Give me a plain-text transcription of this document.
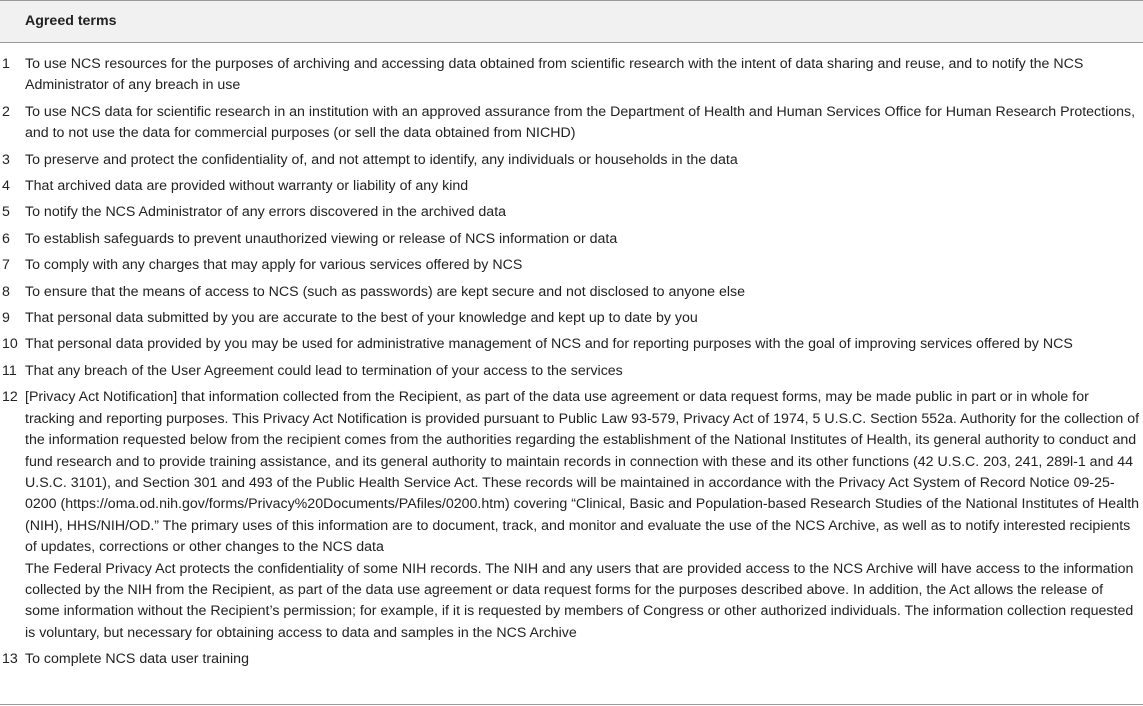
Agreed terms
1	To use NCS resources for the purposes of archiving and accessing data obtained from scientific research with the intent of data sharing and reuse, and to notify the NCS Administrator of any breach in use
2	To use NCS data for scientific research in an institution with an approved assurance from the Department of Health and Human Services Office for Human Research Protections, and to not use the data for commercial purposes (or sell the data obtained from NICHD)
3	To preserve and protect the confidentiality of, and not attempt to identify, any individuals or households in the data
4	That archived data are provided without warranty or liability of any kind
5	To notify the NCS Administrator of any errors discovered in the archived data
6	To establish safeguards to prevent unauthorized viewing or release of NCS information or data
7	To comply with any charges that may apply for various services offered by NCS
8	To ensure that the means of access to NCS (such as passwords) are kept secure and not disclosed to anyone else
9	That personal data submitted by you are accurate to the best of your knowledge and kept up to date by you
10 That personal data provided by you may be used for administrative management of NCS and for reporting purposes with the goal of improving services offered by NCS
11 That any breach of the User Agreement could lead to termination of your access to the services
12 [Privacy Act Notification] that information collected from the Recipient, as part of the data use agreement or data request forms, may be made public in part or in whole for tracking and reporting purposes. This Privacy Act Notification is provided pursuant to Public Law 93-579, Privacy Act of 1974, 5 U.S.C. Section 552a. Authority for the collection of the information requested below from the recipient comes from the authorities regarding the establishment of the National Institutes of Health, its general authority to conduct and fund research and to provide training assistance, and its general authority to maintain records in connection with these and its other functions (42 U.S.C. 203, 241, 289l-1 and 44 U.S.C. 3101), and Section 301 and 493 of the Public Health Service Act. These records will be maintained in accordance with the Privacy Act System of Record Notice 09-25-0200 (https://oma.od.nih.gov/forms/Privacy%20Documents/PAfiles/0200.htm) covering “Clinical, Basic and Population-based Research Studies of the National Institutes of Health (NIH), HHS/NIH/OD.” The primary uses of this information are to document, track, and monitor and evaluate the use of the NCS Archive, as well as to notify interested recipients of updates, corrections or other changes to the NCS data
The Federal Privacy Act protects the confidentiality of some NIH records. The NIH and any users that are provided access to the NCS Archive will have access to the information collected by the NIH from the Recipient, as part of the data use agreement or data request forms for the purposes described above. In addition, the Act allows the release of some information without the Recipient’s permission; for example, if it is requested by members of Congress or other authorized individuals. The information collection requested is voluntary, but necessary for obtaining access to data and samples in the NCS Archive
13 To complete NCS data user training
